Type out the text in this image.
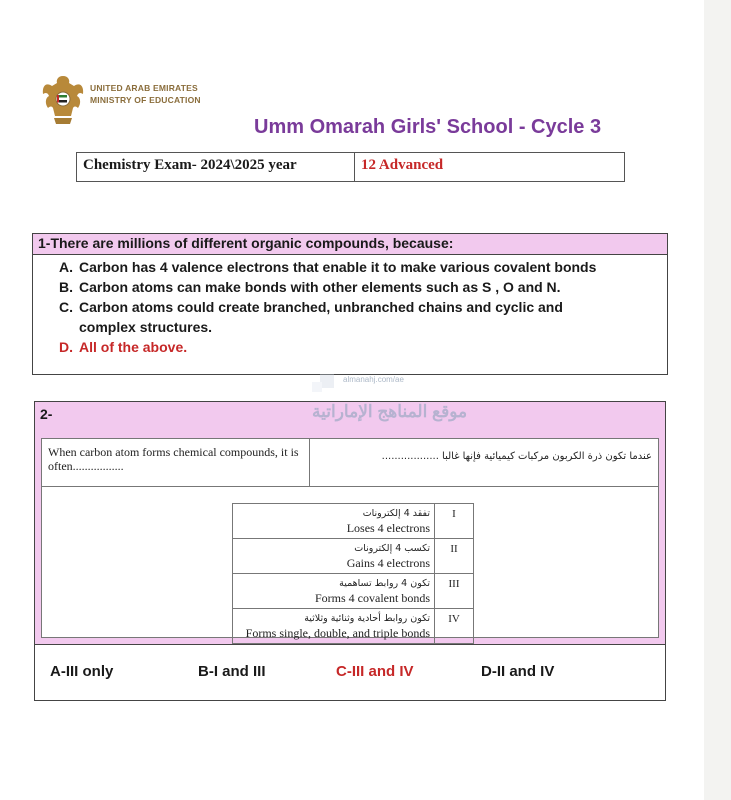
UNITED ARAB EMIRATES
MINISTRY OF EDUCATION
Umm Omarah Girls' School - Cycle 3
Chemistry Exam- 2024\2025 year	12 Advanced
1-There are millions of different organic compounds, because:
A. Carbon has 4 valence electrons that enable it to make various covalent bonds
B. Carbon atoms can make bonds with other elements such as S , O and N.
C. Carbon atoms could create branched, unbranched chains and cyclic and
complex structures.
D. All of the above.
2-
When carbon atom forms chemical compounds, it is often.................
عندما تكون ذرة الكربون مركبات كيميائية فإنها غالبا ..................
تفقد 4 إلكترونات
Loses 4 electrons	I

تكسب 4 إلكترونات
Gains 4 electrons	II

تكون 4 روابط تساهمية
Forms 4 covalent bonds	III

تكون روابط أحادية وثنائية وثلاثية
Forms single, double, and triple bonds	IV
almanahj.com/ae
موقع المناهج الإماراتية
A-III only	B-I and III	C-III and IV	D-II and IV
